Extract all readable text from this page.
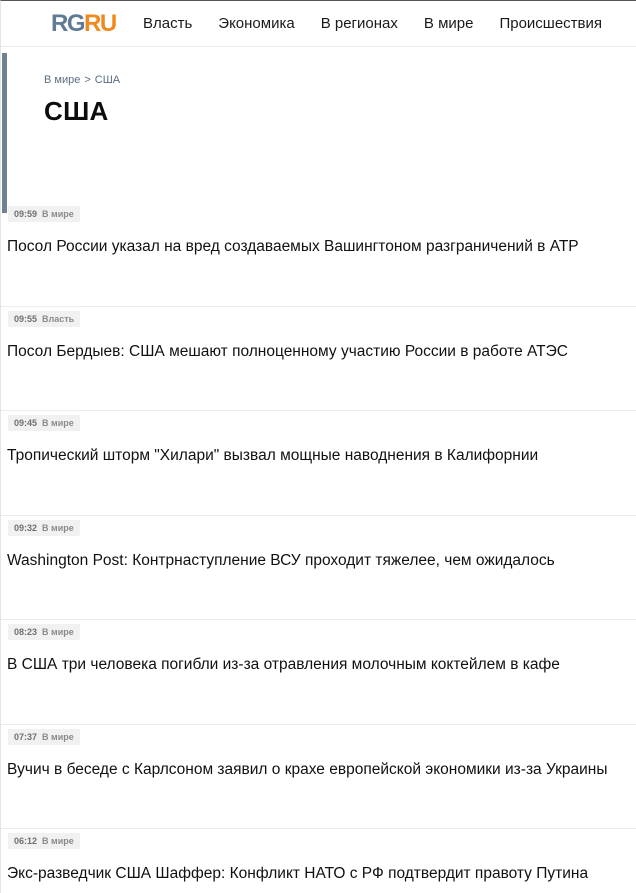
RGRU Власть Экономика В регионах В мире Происшествия
В мире > США
США
09:59 В мире
Посол России указал на вред создаваемых Вашингтоном разграничений в АТР
09:55 Власть
Посол Бердыев: США мешают полноценному участию России в работе АТЭС
09:45 В мире
Тропический шторм "Хилари" вызвал мощные наводнения в Калифорнии
09:32 В мире
Washington Post: Контрнаступление ВСУ проходит тяжелее, чем ожидалось
08:23 В мире
В США три человека погибли из-за отравления молочным коктейлем в кафе
07:37 В мире
Вучич в беседе с Карлсоном заявил о крахе европейской экономики из-за Украины
06:12 В мире
Экс-разведчик США Шаффер: Конфликт НАТО с РФ подтвердит правоту Путина
